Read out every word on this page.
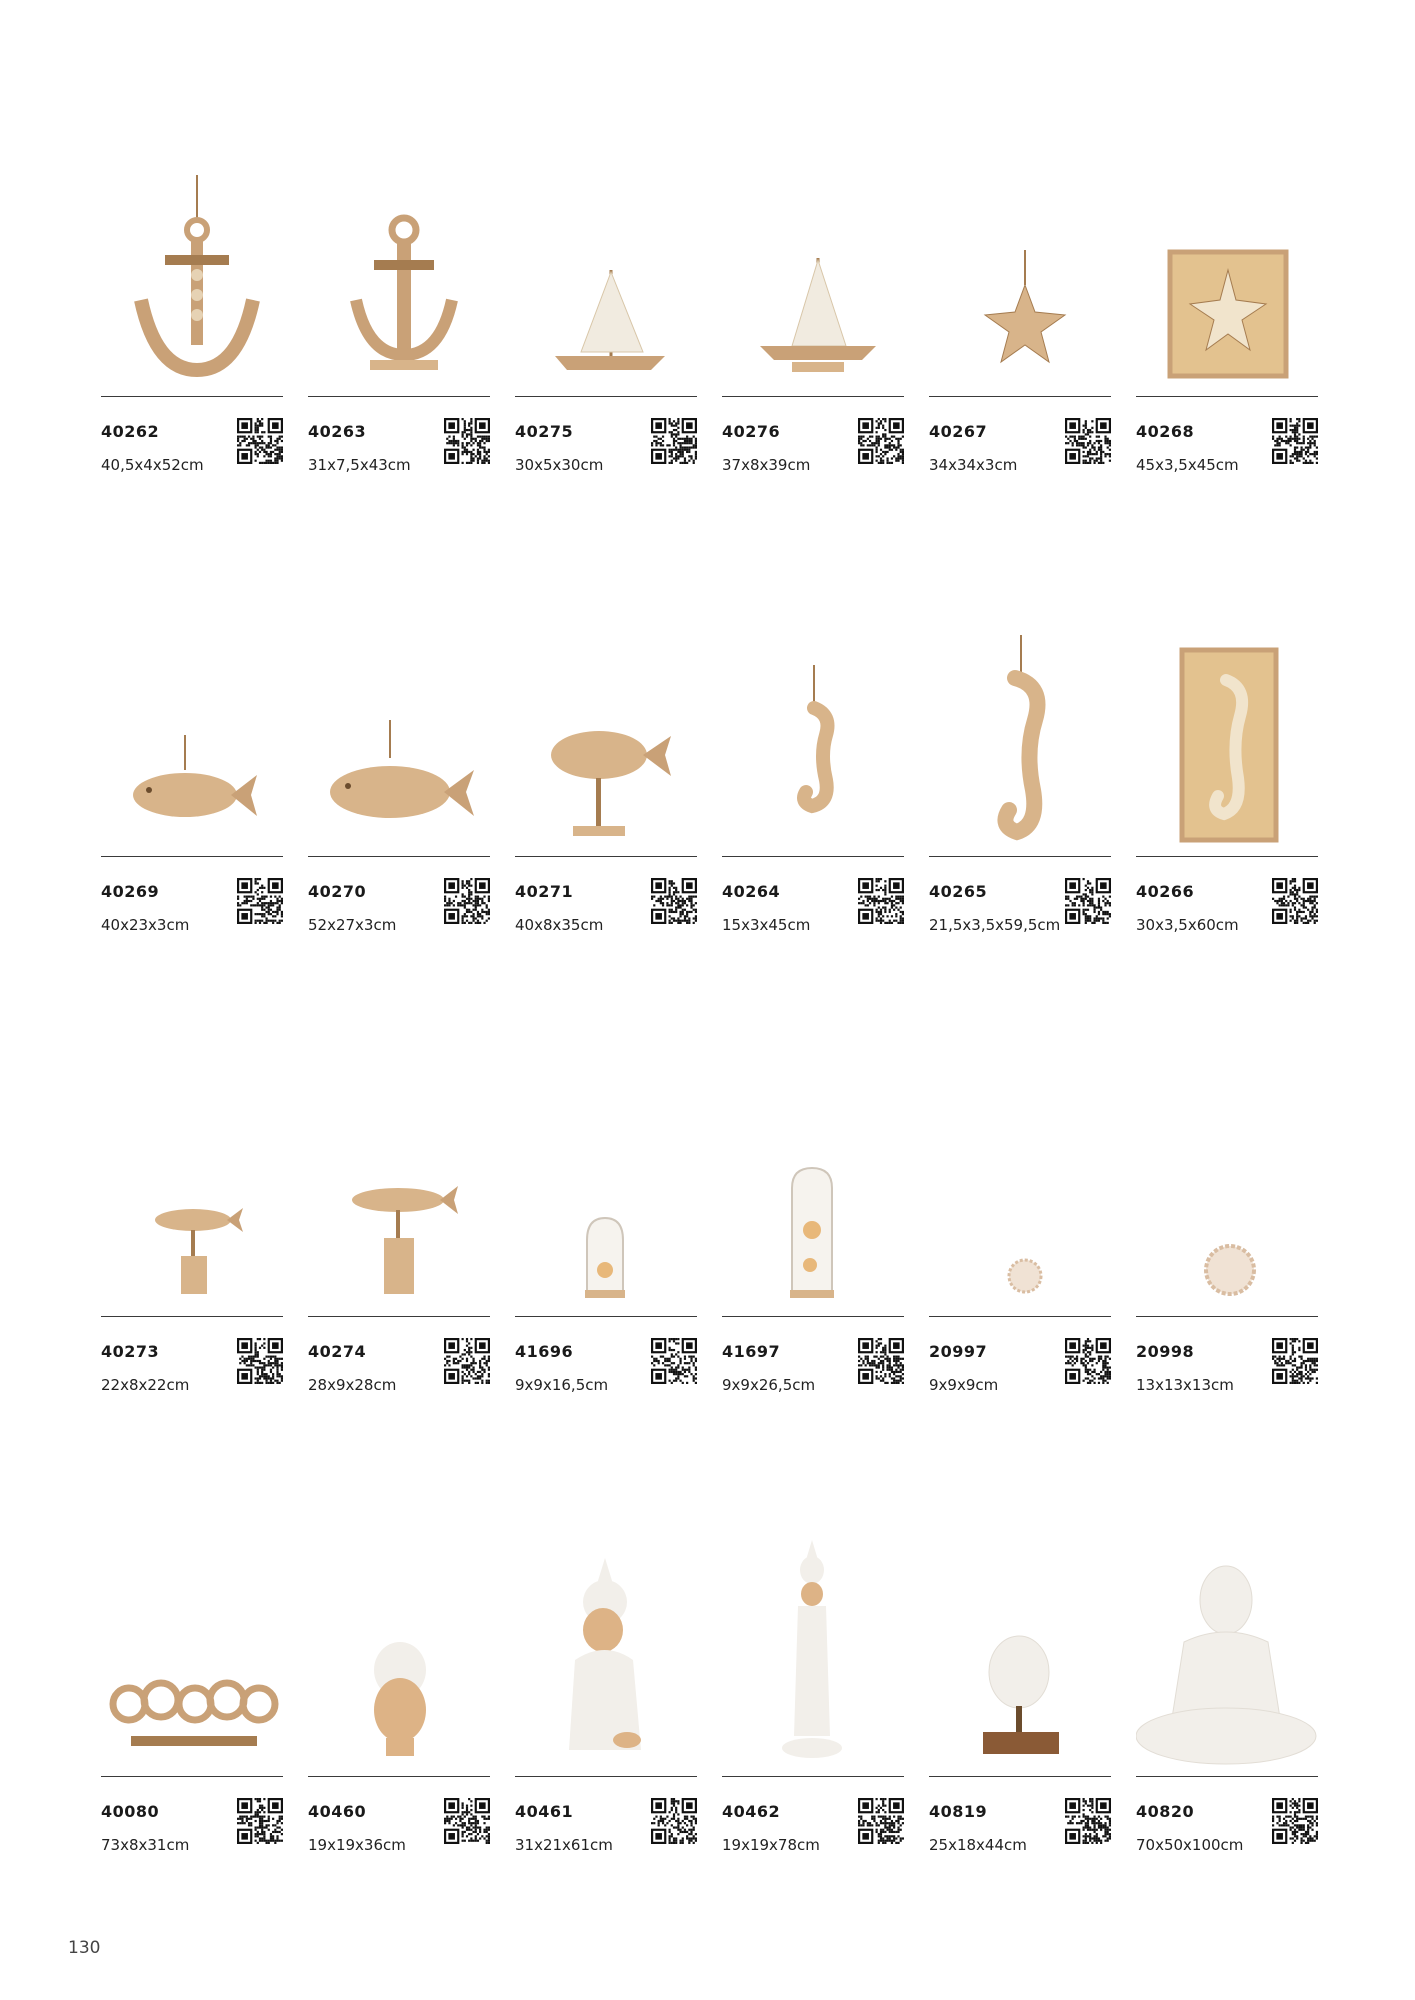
40262
40,5x4x52cm
40263
31x7,5x43cm
40275
30x5x30cm
40276
37x8x39cm
40267
34x34x3cm
40268
45x3,5x45cm
40269
40x23x3cm
40270
52x27x3cm
40271
40x8x35cm
40264
15x3x45cm
40265
21,5x3,5x59,5cm
40266
30x3,5x60cm
40273
22x8x22cm
40274
28x9x28cm
41696
9x9x16,5cm
41697
9x9x26,5cm
20997
9x9x9cm
20998
13x13x13cm
40080
73x8x31cm
40460
19x19x36cm
40461
31x21x61cm
40462
19x19x78cm
40819
25x18x44cm
40820
70x50x100cm
130
